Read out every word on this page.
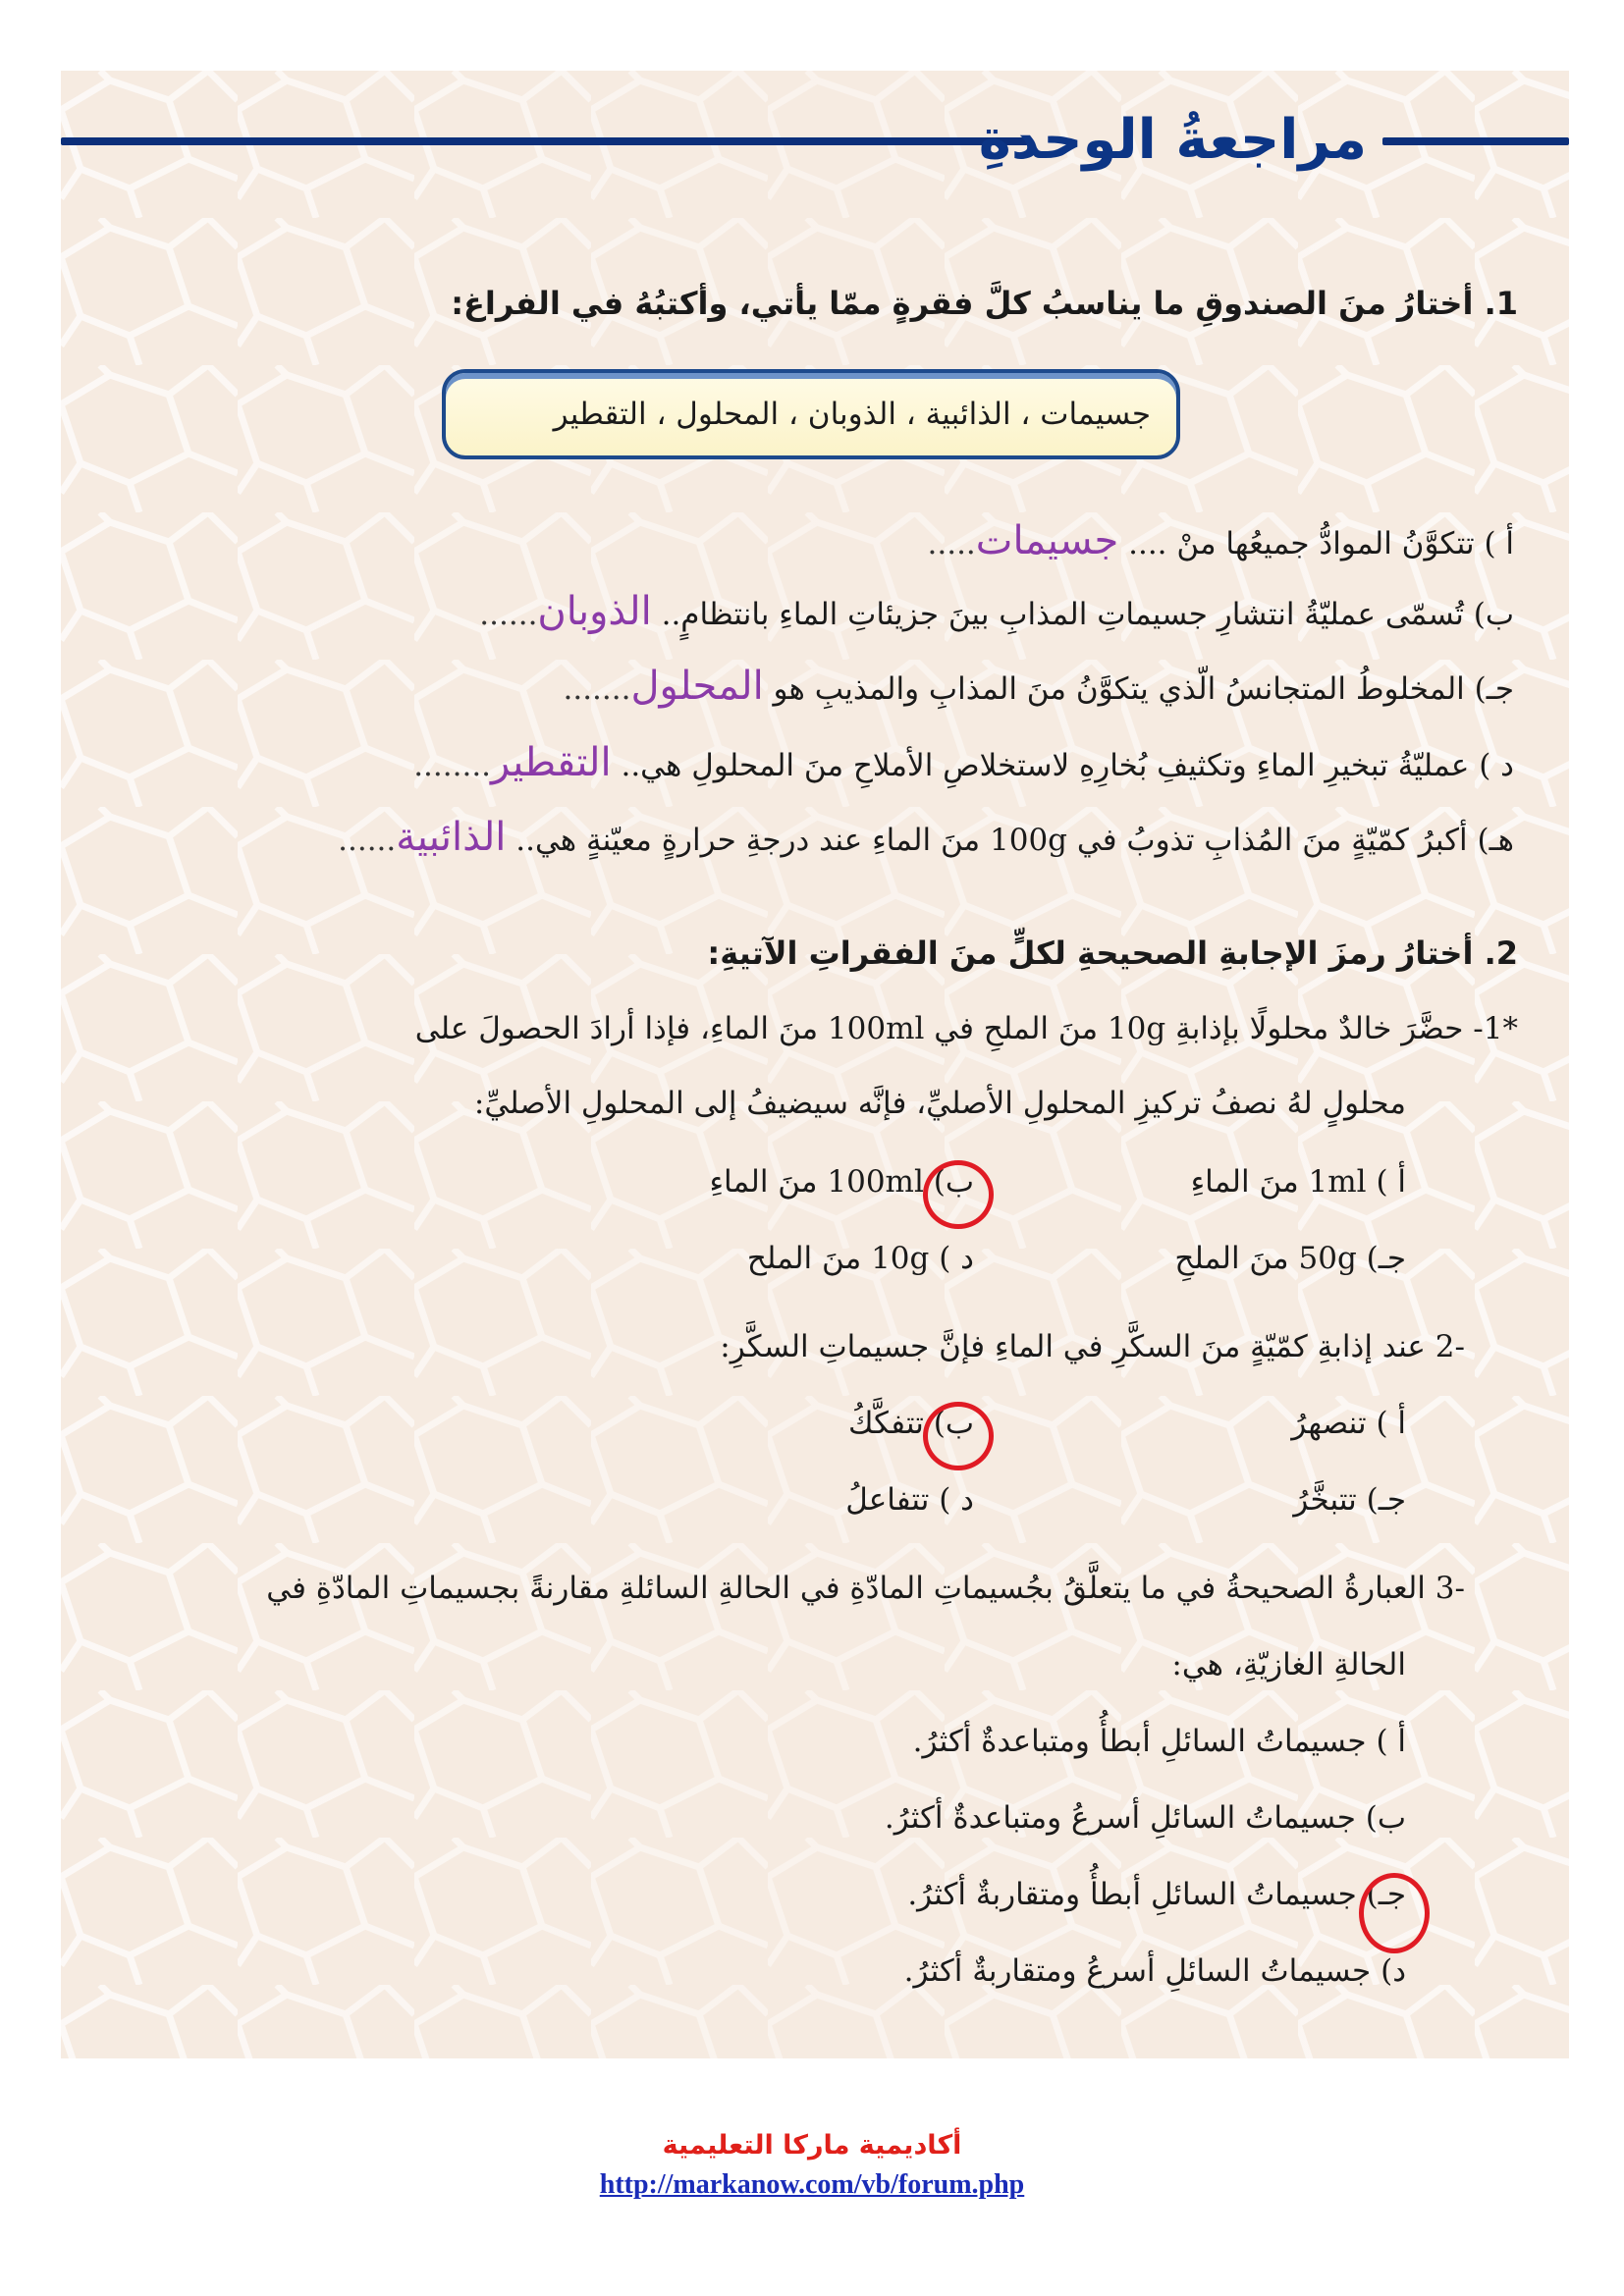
مراجعةُ الوحدةِ
1. أختارُ منَ الصندوقِ ما يناسبُ كلَّ فقرةٍ ممّا يأتي، وأكتبُهُ في الفراغ:
جسيمات ، الذائبية ، الذوبان ، المحلول ، التقطير
أ ) تتكوَّنُ الموادُّ جميعُها منْ .... جسيمات.....
ب) تُسمّى عمليّةُ انتشارِ جسيماتِ المذابِ بينَ جزيئاتِ الماءِ بانتظامٍ.. الذوبان......
جـ) المخلوطُ المتجانسُ الّذي يتكوَّنُ منَ المذابِ والمذيبِ هو المحلول.......
د ) عمليّةُ تبخيرِ الماءِ وتكثيفِ بُخارِهِ لاستخلاصِ الأملاحِ منَ المحلولِ هي.. التقطير........
هـ) أكبرُ كمّيّةٍ منَ المُذابِ تذوبُ في 100g منَ الماءِ عند درجةِ حرارةٍ معيّنةٍ هي.. الذائبية......
2. أختارُ رمزَ الإجابةِ الصحيحةِ لكلٍّ منَ الفقراتِ الآتيةِ:
*1- حضَّرَ خالدٌ محلولًا بإذابةِ 10g منَ الملحِ في 100ml منَ الماءِ، فإذا أرادَ الحصولَ على
محلولٍ لهُ نصفُ تركيزِ المحلولِ الأصليِّ، فإنَّه سيضيفُ إلى المحلولِ الأصليِّ:
أ ) 1ml منَ الماءِ
ب) 100ml منَ الماءِ
جـ) 50g منَ الملحِ
د ) 10g منَ الملح
-2 عند إذابةِ كمّيّةٍ منَ السكَّرِ في الماءِ فإنَّ جسيماتِ السكَّرِ:
أ ) تنصهرُ
ب) تتفكَّكُ
جـ) تتبخَّرُ
د ) تتفاعلُ
-3 العبارةُ الصحيحةُ في ما يتعلَّقُ بجُسيماتِ المادّةِ في الحالةِ السائلةِ مقارنةً بجسيماتِ المادّةِ في
الحالةِ الغازيّةِ، هي:
أ ) جسيماتُ السائلِ أبطأُ ومتباعدةٌ أكثرُ.
ب) جسيماتُ السائلِ أسرعُ ومتباعدةٌ أكثرُ.
جـ) جسيماتُ السائلِ أبطأُ ومتقاربةٌ أكثرُ.
د) جسيماتُ السائلِ أسرعُ ومتقاربةٌ أكثرُ.
أكاديمية ماركا التعليمية
http://markanow.com/vb/forum.php
